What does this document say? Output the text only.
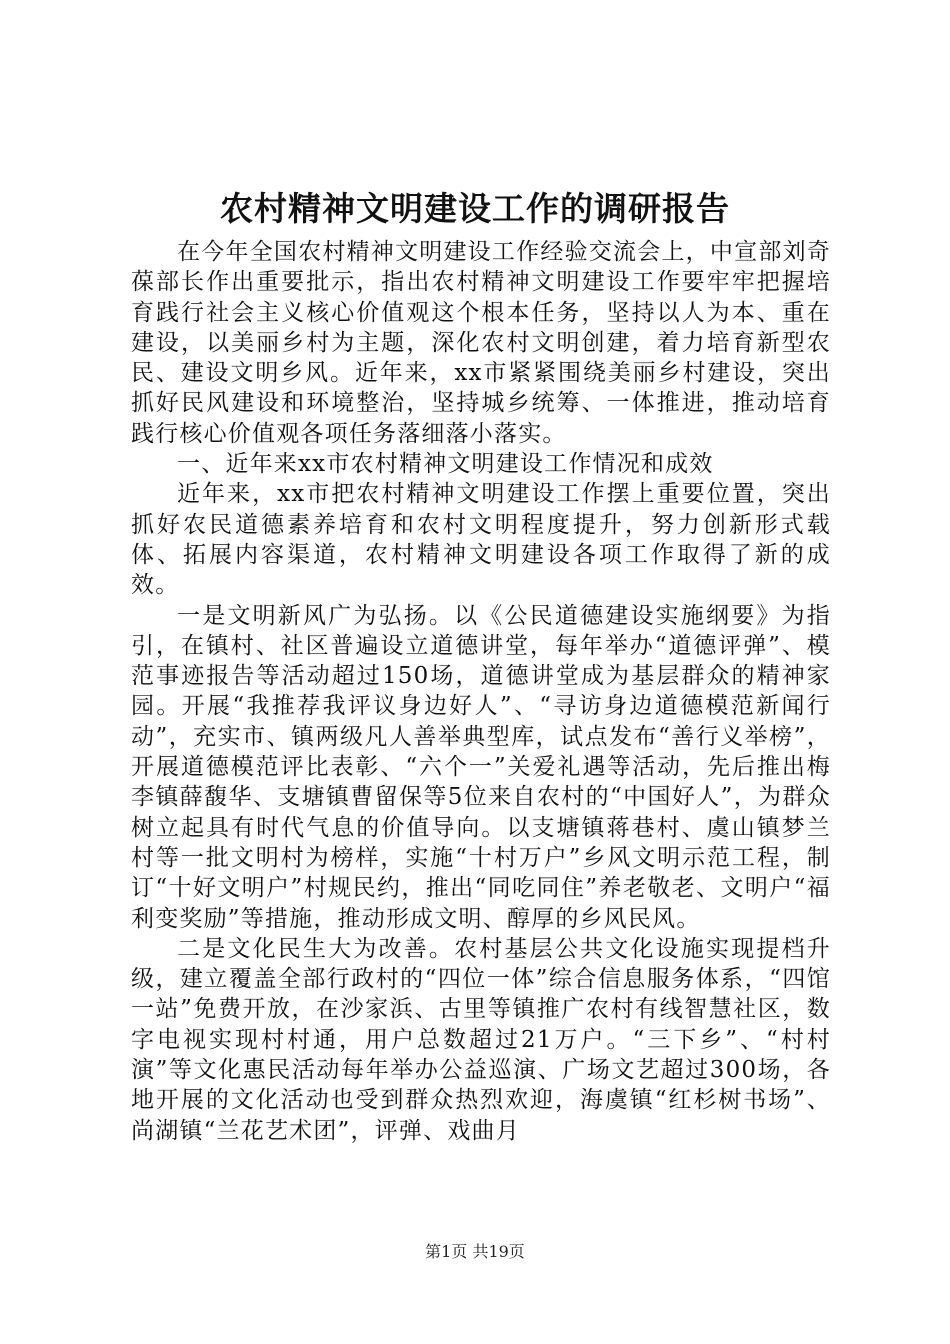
农村精神文明建设工作的调研报告

在今年全国农村精神文明建设工作经验交流会上，中宣部刘奇葆部长作出重要批示，指出农村精神文明建设工作要牢牢把握培育践行社会主义核心价值观这个根本任务，坚持以人为本、重在建设，以美丽乡村为主题，深化农村文明创建，着力培育新型农民、建设文明乡风。近年来，xx市紧紧围绕美丽乡村建设，突出抓好民风建设和环境整治，坚持城乡统筹、一体推进，推动培育践行核心价值观各项任务落细落小落实。

一、近年来xx市农村精神文明建设工作情况和成效

近年来，xx市把农村精神文明建设工作摆上重要位置，突出抓好农民道德素养培育和农村文明程度提升，努力创新形式载体、拓展内容渠道，农村精神文明建设各项工作取得了新的成效。

一是文明新风广为弘扬。以《公民道德建设实施纲要》为指引，在镇村、社区普遍设立道德讲堂，每年举办“道德评弹”、模范事迹报告等活动超过150场，道德讲堂成为基层群众的精神家园。开展“我推荐我评议身边好人”、“寻访身边道德模范新闻行动”，充实市、镇两级凡人善举典型库，试点发布“善行义举榜”，开展道德模范评比表彰、“六个一”关爱礼遇等活动，先后推出梅李镇薛馥华、支塘镇曹留保等5位来自农村的“中国好人”，为群众树立起具有时代气息的价值导向。以支塘镇蒋巷村、虞山镇梦兰村等一批文明村为榜样，实施“十村万户”乡风文明示范工程，制订“十好文明户”村规民约，推出“同吃同住”养老敬老、文明户“福利变奖励”等措施，推动形成文明、醇厚的乡风民风。

二是文化民生大为改善。农村基层公共文化设施实现提档升级，建立覆盖全部行政村的“四位一体”综合信息服务体系，“四馆一站”免费开放，在沙家浜、古里等镇推广农村有线智慧社区，数字电视实现村村通，用户总数超过21万户。“三下乡”、“村村演”等文化惠民活动每年举办公益巡演、广场文艺超过300场，各地开展的文化活动也受到群众热烈欢迎，海虞镇“红杉树书场”、尚湖镇“兰花艺术团”，评弹、戏曲月

第1页 共19页
